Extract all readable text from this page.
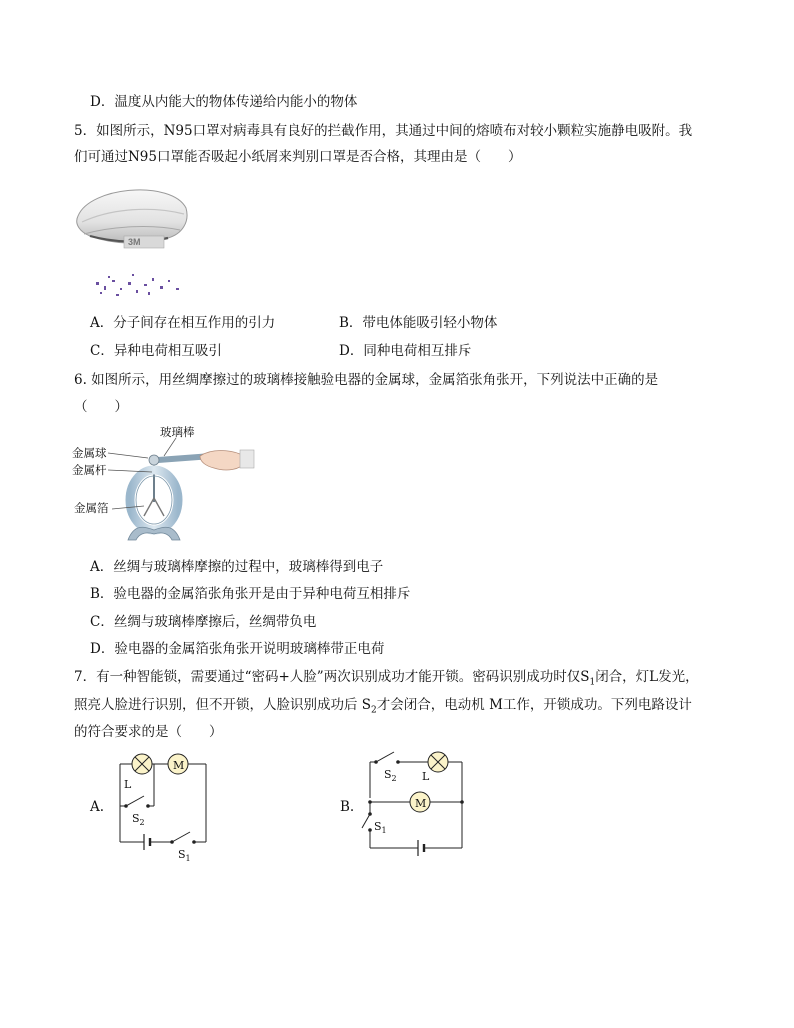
D．温度从内能大的物体传递给内能小的物体
5．如图所示，N95口罩对病毒具有良好的拦截作用，其通过中间的熔喷布对较小颗粒实施静电吸附。我
们可通过N95口罩能否吸起小纸屑来判别口罩是否合格，其理由是（　　）
3M
A．分子间存在相互作用的引力	B．带电体能吸引轻小物体
C．异种电荷相互吸引	D．同种电荷相互排斥
6. 如图所示，用丝绸摩擦过的玻璃棒接触验电器的金属球，金属箔张角张开，下列说法中正确的是
（　　）
玻璃棒
金属球
金属杆
金属箔
A．丝绸与玻璃棒摩擦的过程中，玻璃棒得到电子
B．验电器的金属箔张角张开是由于异种电荷互相排斥
C．丝绸与玻璃棒摩擦后，丝绸带负电
D．验电器的金属箔张角张开说明玻璃棒带正电荷
7．有一种智能锁，需要通过“密码+人脸”两次识别成功才能开锁。密码识别成功时仅$S_1$闭合，灯L发光，
照亮人脸进行识别，但不开锁，人脸识别成功后 $S_2$才会闭合，电动机 M工作，开锁成功。下列电路设计
的符合要求的是（　　）
A.
M
L
$S_2$
$S_1$
B.	M
L
$S_2$
$S_1$
